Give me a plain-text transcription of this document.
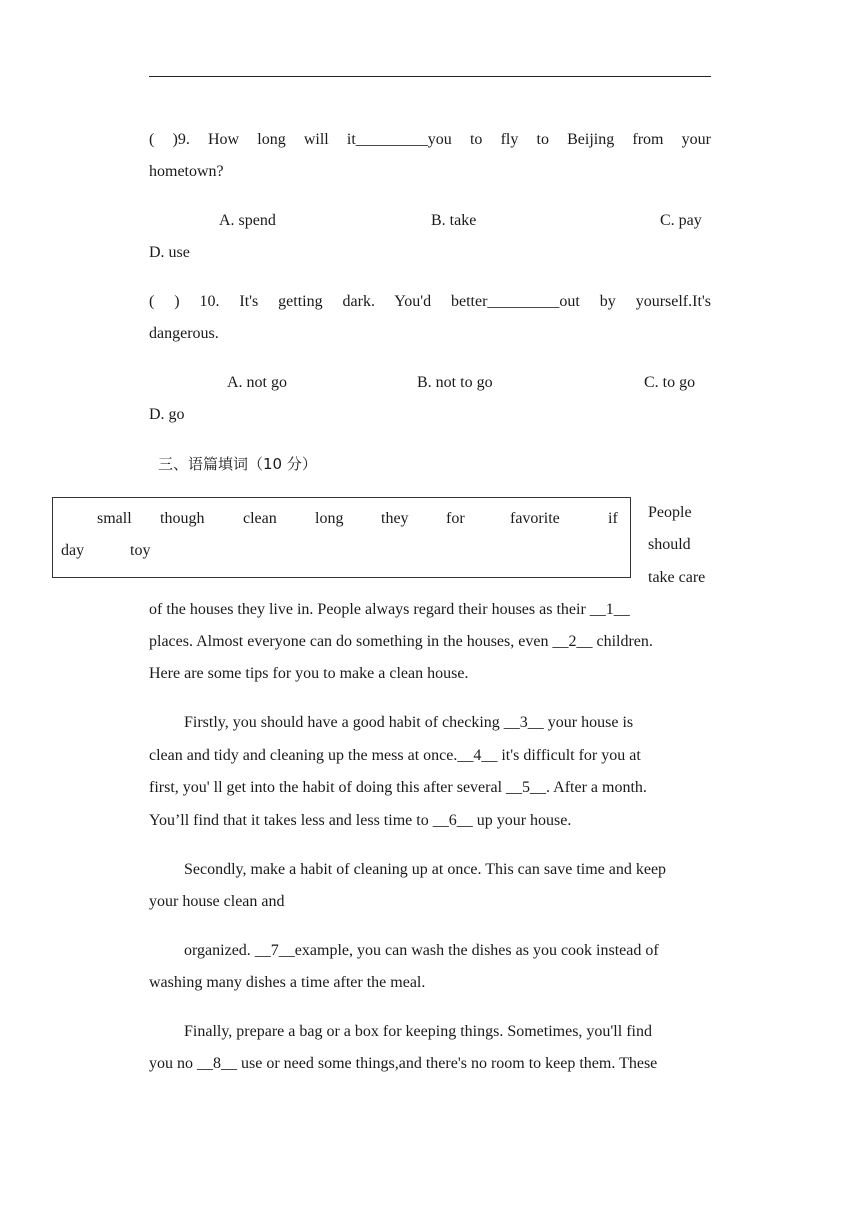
( )9. How long will it_________you to fly to Beijing from your
hometown?
A. spend	B. take	C. pay
D. use
( ) 10. It's getting dark. You'd better_________out by yourself.It's
dangerous.
A. not go	B. not to go	C. to go
D. go
三、语篇填词（10 分）
small though clean long they for	favorite	if
day	toy
People
should
take care
of the houses they live in. People always regard their houses as their __1__
places. Almost everyone can do something in the houses, even __2__ children.
Here are some tips for you to make a clean house.
Firstly, you should have a good habit of checking __3__ your house is
clean and tidy and cleaning up the mess at once.__4__ it's difficult for you at
first, you' ll get into the habit of doing this after several __5__. After a month.
You’ll find that it takes less and less time to __6__ up your house.
Secondly, make a habit of cleaning up at once. This can save time and keep
your house clean and
organized. __7__example, you can wash the dishes as you cook instead of
washing many dishes a time after the meal.
Finally, prepare a bag or a box for keeping things. Sometimes, you'll find
you no __8__ use or need some things,and there's no room to keep them. These
